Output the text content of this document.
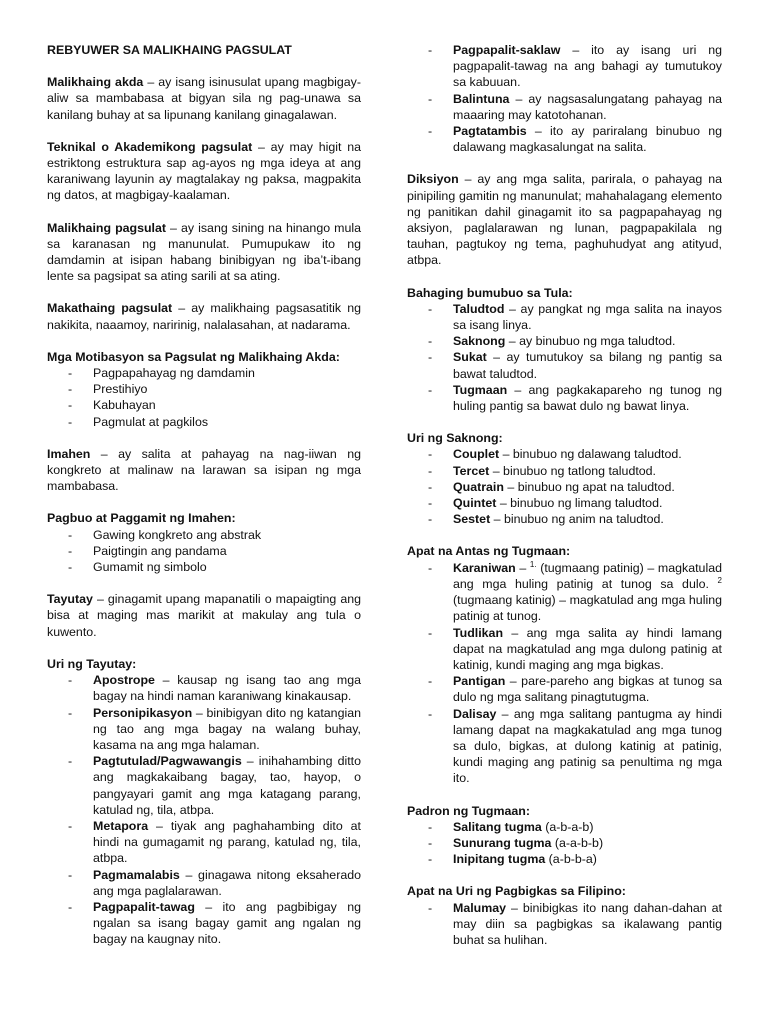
REBYUWER SA MALIKHAING PAGSULAT

Malikhaing akda – ay isang isinusulat upang magbigay-aliw sa mambabasa at bigyan sila ng pag-unawa sa kanilang buhay at sa lipunang kanilang ginagalawan.

Teknikal o Akademikong pagsulat – ay may higit na estriktong estruktura sap ag-ayos ng mga ideya at ang karaniwang layunin ay magtalakay ng paksa, magpakita ng datos, at magbigay-kaalaman.

Malikhaing pagsulat – ay isang sining na hinango mula sa karanasan ng manunulat. Pumupukaw ito ng damdamin at isipan habang binibigyan ng iba’t-ibang lente sa pagsipat sa ating sarili at sa ating.

Makathaing pagsulat – ay malikhaing pagsasatitik ng nakikita, naaamoy, naririnig, nalalasahan, at nadarama.

Mga Motibasyon sa Pagsulat ng Malikhaing Akda:

- Pagpapahayag ng damdamin
- Prestihiyo
- Kabuhayan
- Pagmulat at pagkilos

Imahen – ay salita at pahayag na nag-iiwan ng kongkreto at malinaw na larawan sa isipan ng mga mambabasa.

Pagbuo at Paggamit ng Imahen:

- Gawing kongkreto ang abstrak
- Paigtingin ang pandama
- Gumamit ng simbolo

Tayutay – ginagamit upang mapanatili o mapaigting ang bisa at maging mas marikit at makulay ang tula o kuwento.

Uri ng Tayutay:

- Apostrope – kausap ng isang tao ang mga bagay na hindi naman karaniwang kinakausap.
- Personipikasyon – binibigyan dito ng katangian ng tao ang mga bagay na walang buhay, kasama na ang mga halaman.
- Pagtutulad/Pagwawangis – inihahambing ditto ang magkakaibang bagay, tao, hayop, o pangyayari gamit ang mga katagang parang, katulad ng, tila, atbpa.
- Metapora – tiyak ang paghahambing dito at hindi na gumagamit ng parang, katulad ng, tila, atbpa.
- Pagmamalabis – ginagawa nitong eksaherado ang mga paglalarawan.
- Pagpapalit-tawag – ito ang pagbibigay ng ngalan sa isang bagay gamit ang ngalan ng bagay na kaugnay nito.
- Pagpapalit-saklaw – ito ay isang uri ng pagpapalit-tawag na ang bahagi ay tumutukoy sa kabuuan.
- Balintuna – ay nagsasalungatang pahayag na maaaring may katotohanan.
- Pagtatambis – ito ay pariralang binubuo ng dalawang magkasalungat na salita.

Diksiyon – ay ang mga salita, parirala, o pahayag na pinipiling gamitin ng manunulat; mahahalagang elemento ng panitikan dahil ginagamit ito sa pagpapahayag ng aksiyon, paglalarawan ng lunan, pagpapakilala ng tauhan, pagtukoy ng tema, paghuhudyat ang atityud, atbpa.

Bahaging bumubuo sa Tula:

- Taludtod – ay pangkat ng mga salita na inayos sa isang linya.
- Saknong – ay binubuo ng mga taludtod.
- Sukat – ay tumutukoy sa bilang ng pantig sa bawat taludtod.
- Tugmaan – ang pagkakapareho ng tunog ng huling pantig sa bawat dulo ng bawat linya.

Uri ng Saknong:

- Couplet – binubuo ng dalawang taludtod.
- Tercet – binubuo ng tatlong taludtod.
- Quatrain – binubuo ng apat na taludtod.
- Quintet – binubuo ng limang taludtod.
- Sestet – binubuo ng anim na taludtod.

Apat na Antas ng Tugmaan:

- Karaniwan – $^{1.}$ (tugmaang patinig) – magkatulad ang mga huling patinig at tunog sa dulo. $^2$ (tugmaang katinig) – magkatulad ang mga huling patinig at tunog.
- Tudlikan – ang mga salita ay hindi lamang dapat na magkatulad ang mga dulong patinig at katinig, kundi maging ang mga bigkas.
- Pantigan – pare-pareho ang bigkas at tunog sa dulo ng mga salitang pinagtutugma.
- Dalisay – ang mga salitang pantugma ay hindi lamang dapat na magkakatulad ang mga tunog sa dulo, bigkas, at dulong katinig at patinig, kundi maging ang patinig sa penultima ng mga ito.

Padron ng Tugmaan:

- Salitang tugma (a-b-a-b)
- Sunurang tugma (a-a-b-b)
- Inipitang tugma (a-b-b-a)

Apat na Uri ng Pagbigkas sa Filipino:

- Malumay – binibigkas ito nang dahan-dahan at may diin sa pagbigkas sa ikalawang pantig buhat sa hulihan.
